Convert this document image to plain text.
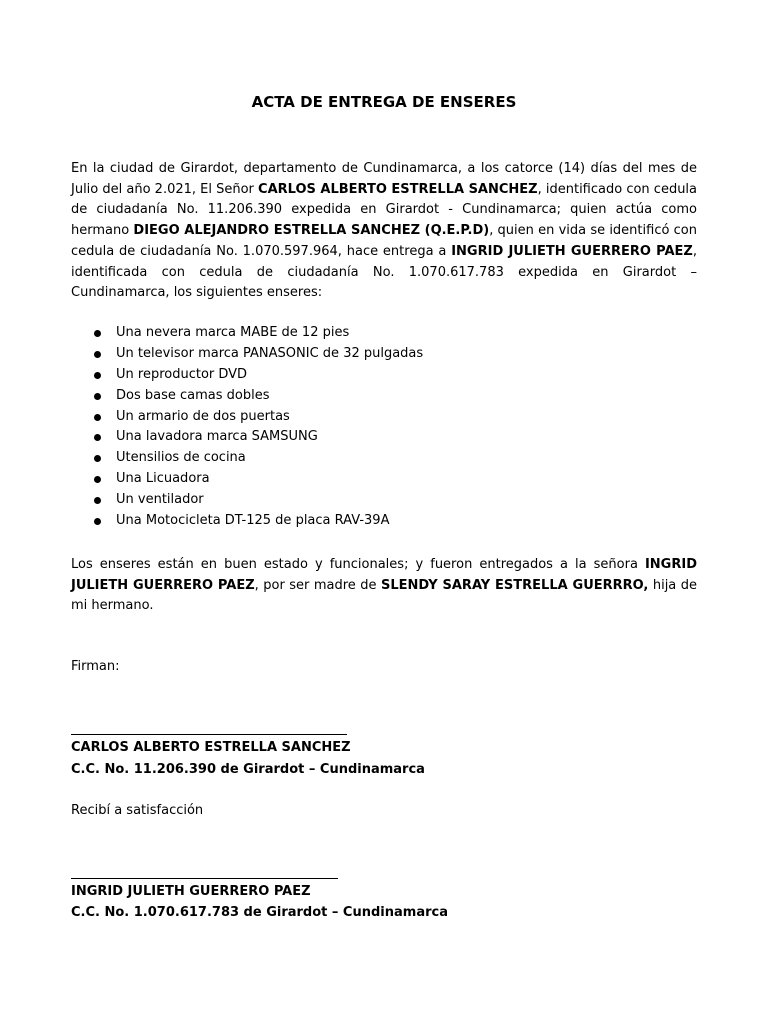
ACTA DE ENTREGA DE ENSERES

En la ciudad de Girardot, departamento de Cundinamarca, a los catorce (14) días del mes de Julio del año 2.021, El Señor CARLOS ALBERTO ESTRELLA SANCHEZ, identificado con cedula de ciudadanía No. 11.206.390 expedida en Girardot - Cundinamarca; quien actúa como hermano DIEGO ALEJANDRO ESTRELLA SANCHEZ (Q.E.P.D), quien en vida se identificó con cedula de ciudadanía No. 1.070.597.964, hace entrega a INGRID JULIETH GUERRERO PAEZ, identificada con cedula de ciudadanía No. 1.070.617.783 expedida en Girardot – Cundinamarca, los siguientes enseres:

Una nevera marca MABE de 12 pies
Un televisor marca PANASONIC de 32 pulgadas
Un reproductor DVD
Dos base camas dobles
Un armario de dos puertas
Una lavadora marca SAMSUNG
Utensilios de cocina
Una Licuadora
Un ventilador
Una Motocicleta DT-125 de placa RAV-39A

Los enseres están en buen estado y funcionales; y fueron entregados a la señora INGRID JULIETH GUERRERO PAEZ, por ser madre de SLENDY SARAY ESTRELLA GUERRRO, hija de mi hermano.

Firman:

CARLOS ALBERTO ESTRELLA SANCHEZ

C.C. No. 11.206.390 de Girardot – Cundinamarca

Recibí a satisfacción

INGRID JULIETH GUERRERO PAEZ

C.C. No. 1.070.617.783 de Girardot – Cundinamarca
